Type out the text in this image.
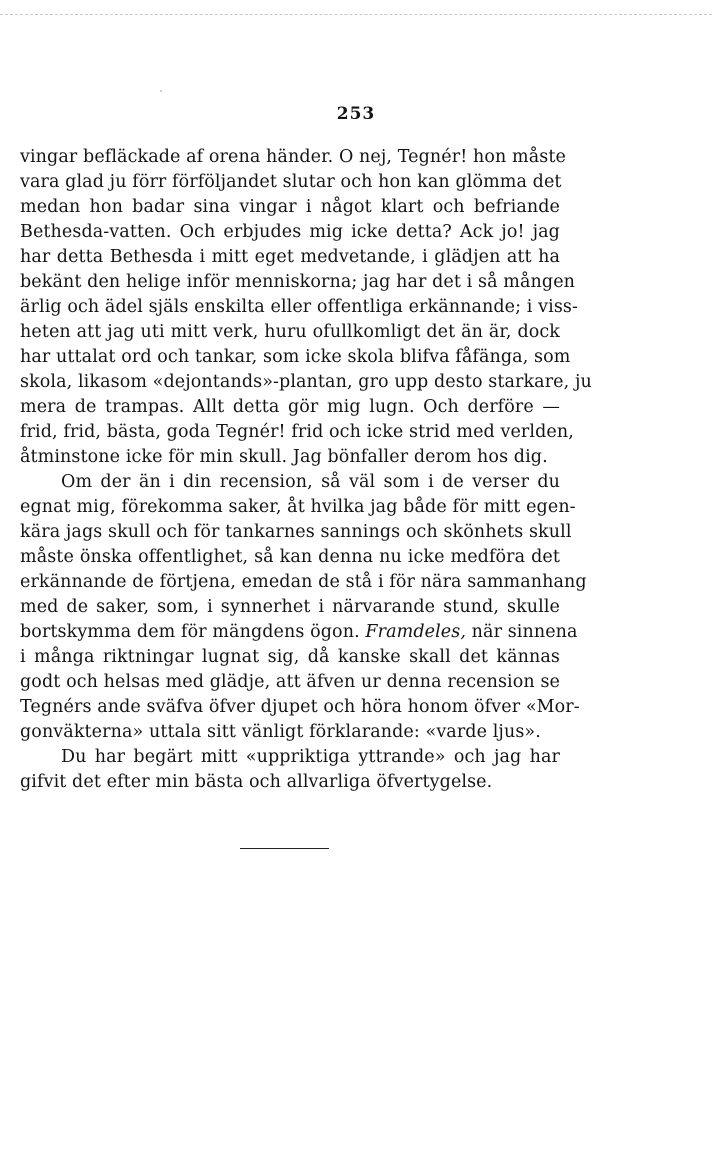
253
vingar befläckade af orena händer. O nej, Tegnér! hon måste
vara glad ju förr förföljandet slutar och hon kan glömma det
medan hon badar sina vingar i något klart och befriande
Bethesda-vatten. Och erbjudes mig icke detta? Ack jo! jag
har detta Bethesda i mitt eget medvetande, i glädjen att ha
bekänt den helige inför menniskorna; jag har det i så mången
ärlig och ädel själs enskilta eller offentliga erkännande; i viss-
heten att jag uti mitt verk, huru ofullkomligt det än är, dock
har uttalat ord och tankar, som icke skola blifva fåfänga, som
skola, likasom «dejontands»-plantan, gro upp desto starkare, ju
mera de trampas. Allt detta gör mig lugn. Och derföre —
frid, frid, bästa, goda Tegnér! frid och icke strid med verlden,
åtminstone icke för min skull. Jag bönfaller derom hos dig.
Om der än i din recension, så väl som i de verser du
egnat mig, förekomma saker, åt hvilka jag både för mitt egen-
kära jags skull och för tankarnes sannings och skönhets skull
måste önska offentlighet, så kan denna nu icke medföra det
erkännande de förtjena, emedan de stå i för nära sammanhang
med de saker, som, i synnerhet i närvarande stund, skulle
bortskymma dem för mängdens ögon. Framdeles, när sinnena
i många riktningar lugnat sig, då kanske skall det kännas
godt och helsas med glädje, att äfven ur denna recension se
Tegnérs ande sväfva öfver djupet och höra honom öfver «Mor-
gonväkterna» uttala sitt vänligt förklarande: «varde ljus».
Du har begärt mitt «uppriktiga yttrande» och jag har
gifvit det efter min bästa och allvarliga öfvertygelse.
